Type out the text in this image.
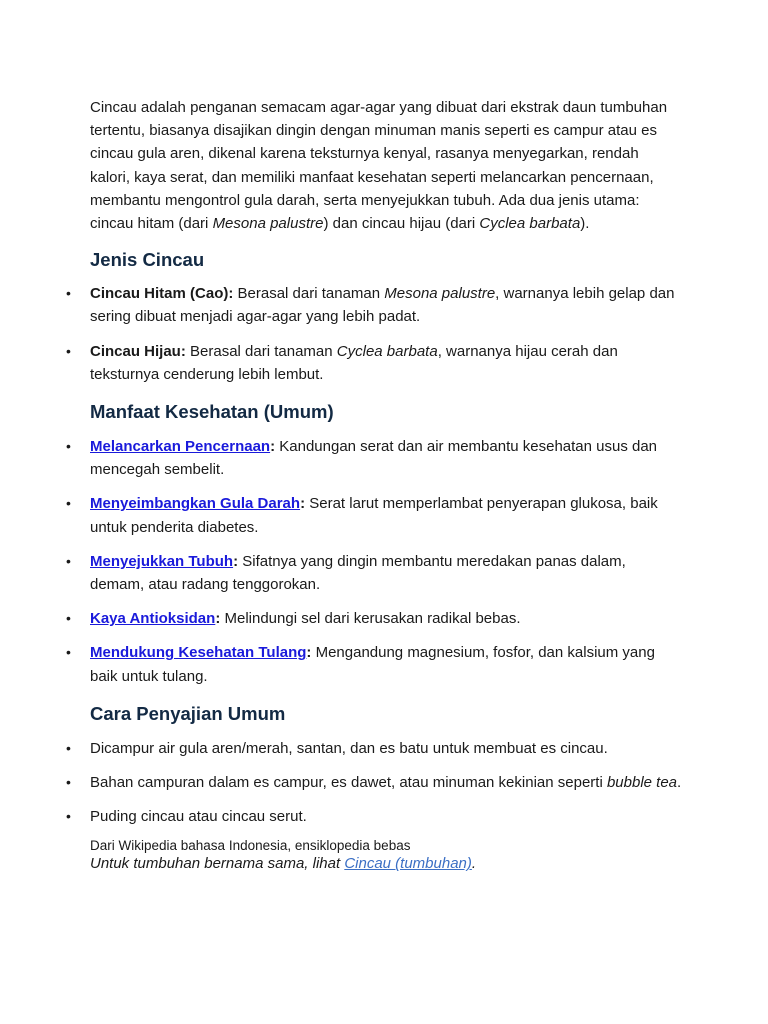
Cincau adalah penganan semacam agar-agar yang dibuat dari ekstrak daun tumbuhan tertentu, biasanya disajikan dingin dengan minuman manis seperti es campur atau es cincau gula aren, dikenal karena teksturnya kenyal, rasanya menyegarkan, rendah kalori, kaya serat, dan memiliki manfaat kesehatan seperti melancarkan pencernaan, membantu mengontrol gula darah, serta menyejukkan tubuh. Ada dua jenis utama: cincau hitam (dari Mesona palustre) dan cincau hijau (dari Cyclea barbata).

Jenis Cincau
• Cincau Hitam (Cao): Berasal dari tanaman Mesona palustre, warnanya lebih gelap dan sering dibuat menjadi agar-agar yang lebih padat.
• Cincau Hijau: Berasal dari tanaman Cyclea barbata, warnanya hijau cerah dan teksturnya cenderung lebih lembut.
Manfaat Kesehatan (Umum)
• Melancarkan Pencernaan: Kandungan serat dan air membantu kesehatan usus dan mencegah sembelit.
• Menyeimbangkan Gula Darah: Serat larut memperlambat penyerapan glukosa, baik untuk penderita diabetes.
• Menyejukkan Tubuh: Sifatnya yang dingin membantu meredakan panas dalam, demam, atau radang tenggorokan.
• Kaya Antioksidan: Melindungi sel dari kerusakan radikal bebas.
• Mendukung Kesehatan Tulang: Mengandung magnesium, fosfor, dan kalsium yang baik untuk tulang.
Cara Penyajian Umum
• Dicampur air gula aren/merah, santan, dan es batu untuk membuat es cincau.
• Bahan campuran dalam es campur, es dawet, atau minuman kekinian seperti bubble tea.
• Puding cincau atau cincau serut.
Dari Wikipedia bahasa Indonesia, ensiklopedia bebas
Untuk tumbuhan bernama sama, lihat Cincau (tumbuhan).
